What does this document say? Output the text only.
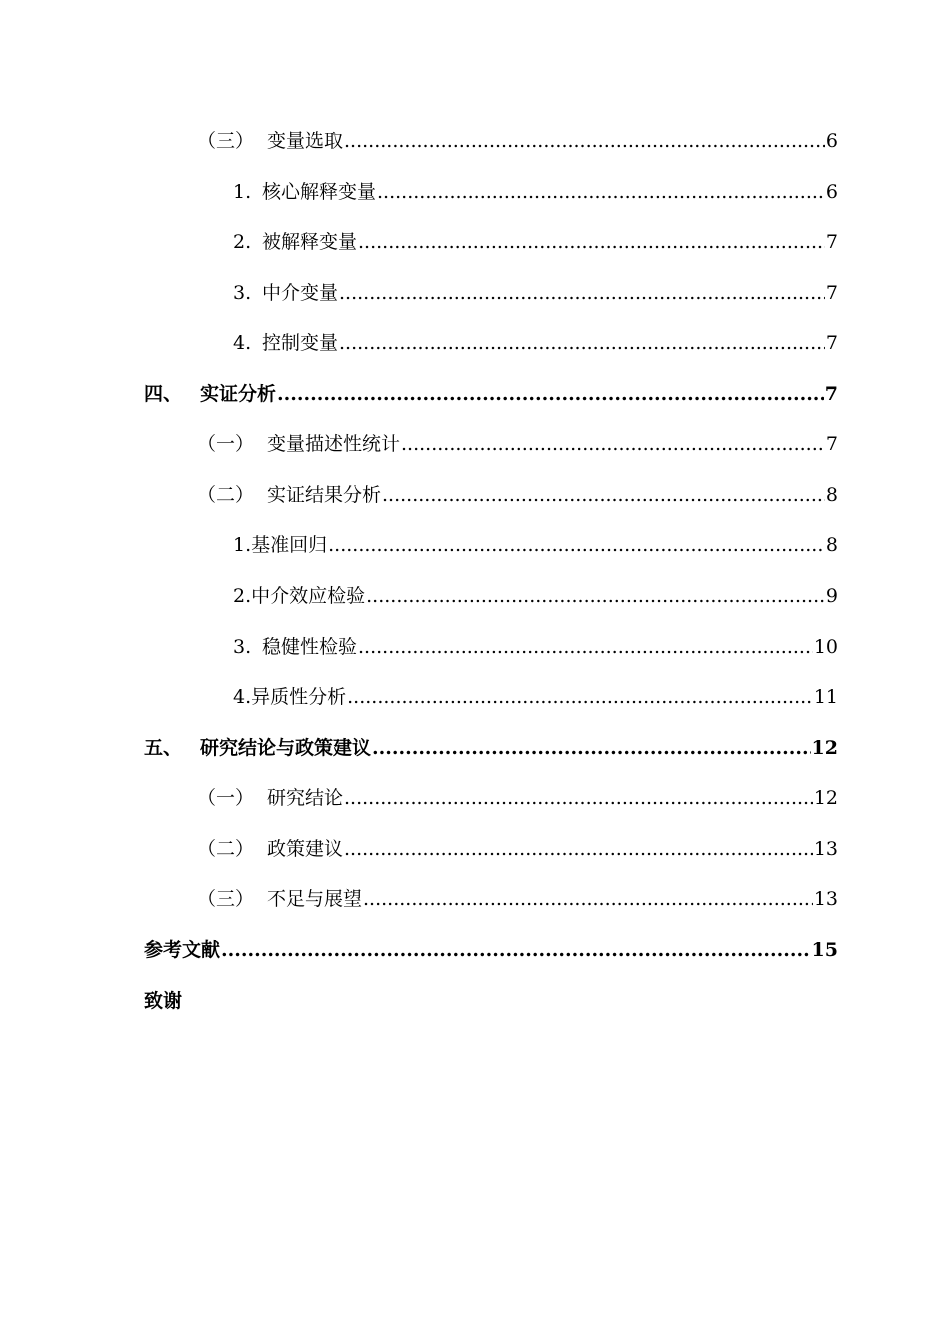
（三） 变量选取 .....	6
1. 核心解释变量 .....	6
2. 被解释变量 .....	7
3. 中介变量 .....	7
4. 控制变量 .....	7
四、 实证分析 .....	7
（一） 变量描述性统计 .....	7
（二） 实证结果分析 .....	8
1.基准回归 .....	8
2.中介效应检验 .....	9
3. 稳健性检验 .....	10
4.异质性分析 .....	11
五、 研究结论与政策建议 .....	12
（一） 研究结论 .....	12
（二） 政策建议 .....	13
（三） 不足与展望 .....	13
参考文献 .....	15
致谢
